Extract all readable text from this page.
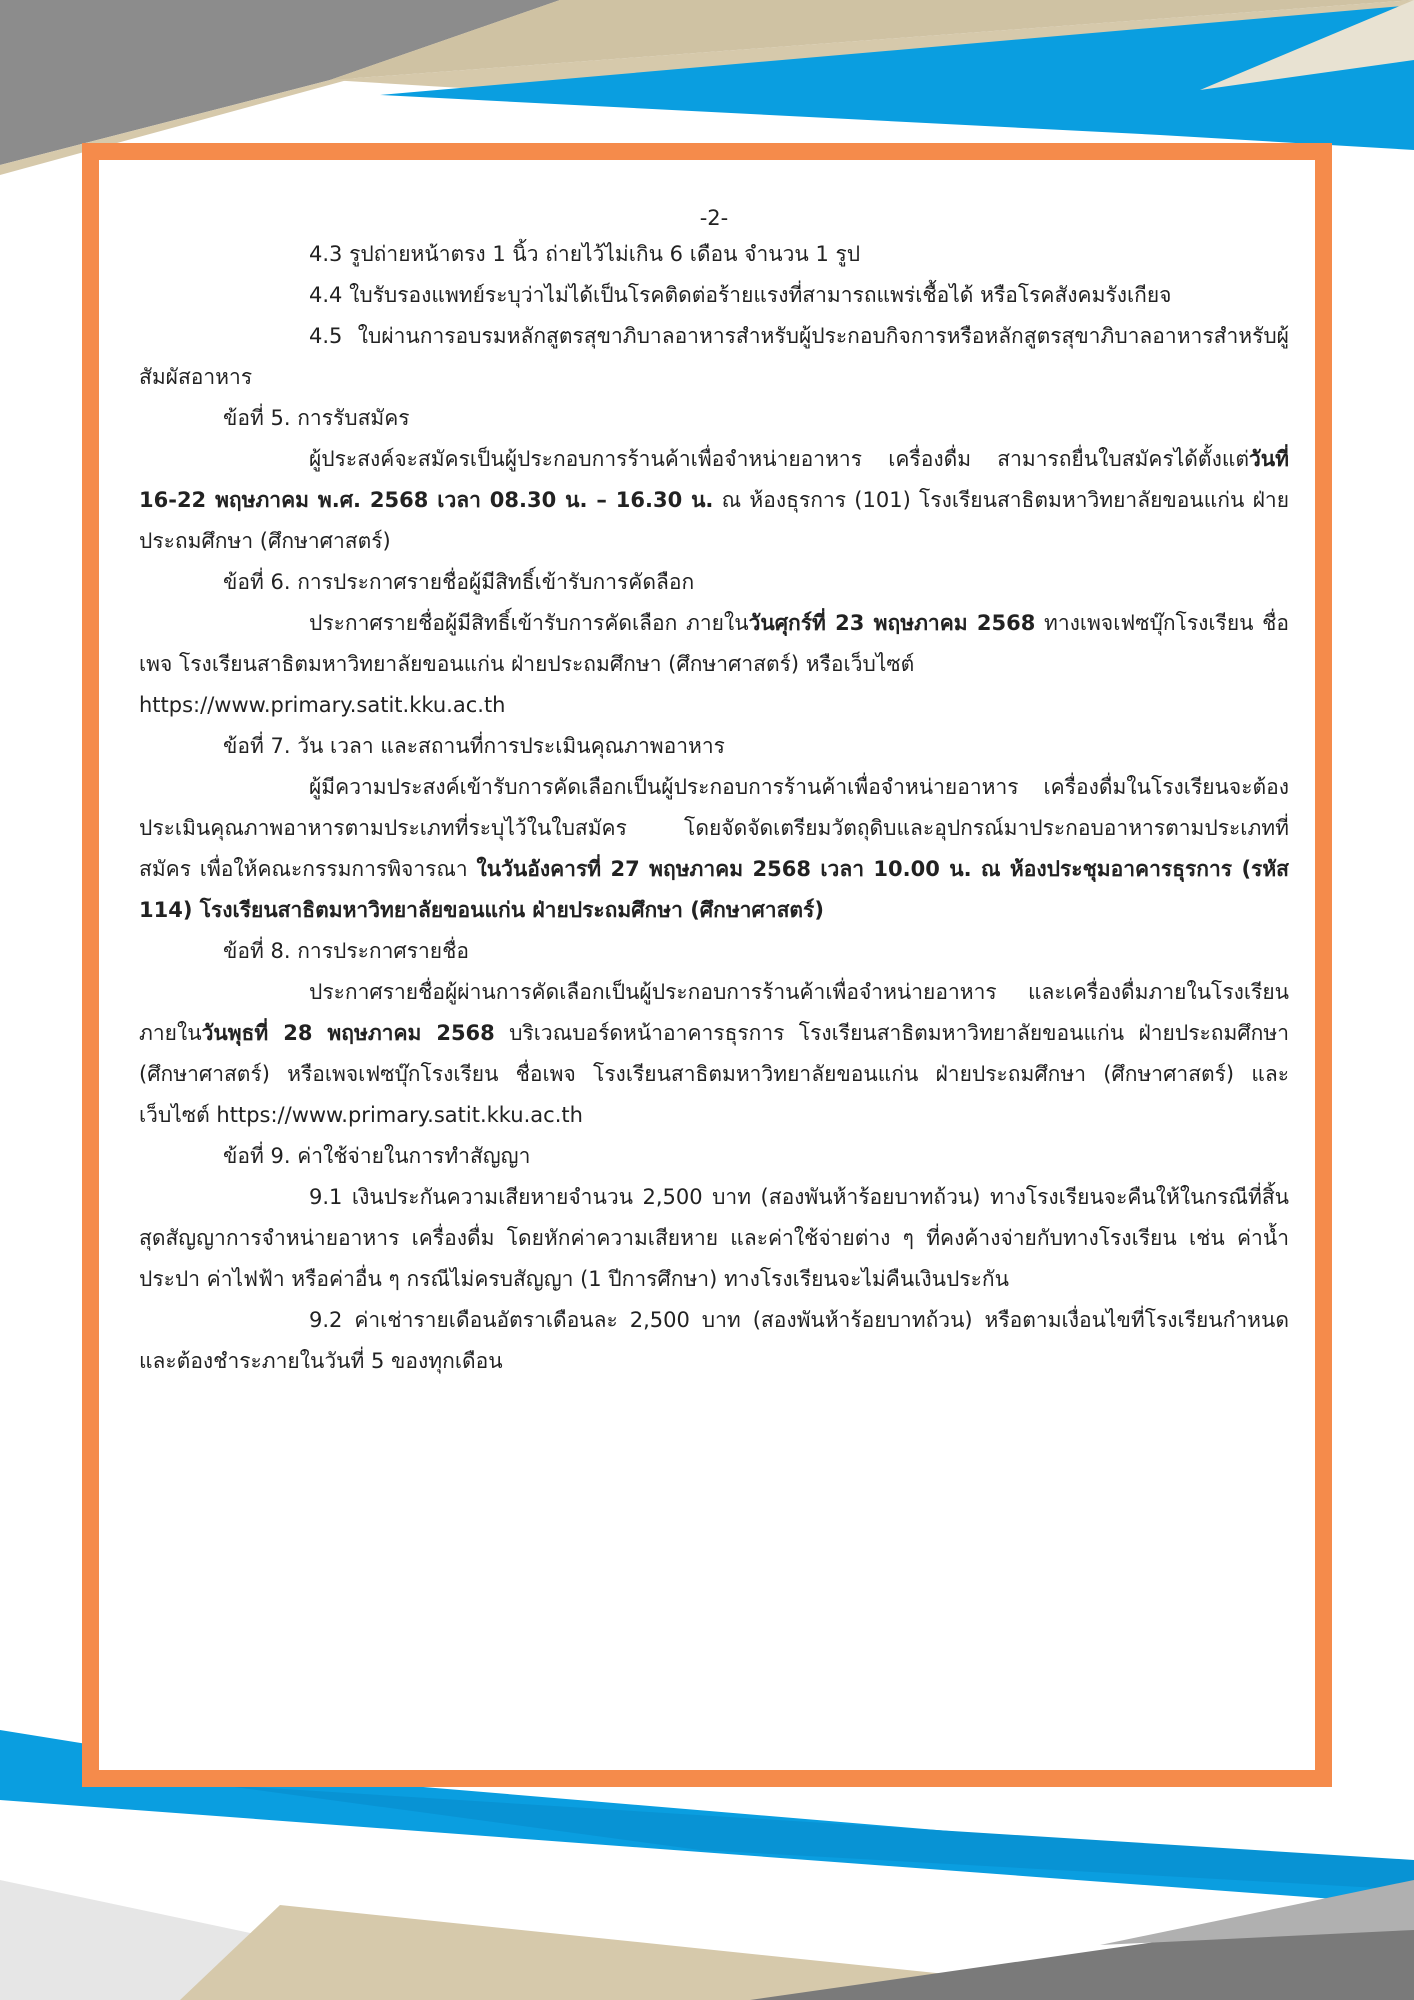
-2-

4.3 รูปถ่ายหน้าตรง 1 นิ้ว ถ่ายไว้ไม่เกิน 6 เดือน จำนวน 1 รูป

4.4 ใบรับรองแพทย์ระบุว่าไม่ได้เป็นโรคติดต่อร้ายแรงที่สามารถแพร่เชื้อได้ หรือโรคสังคมรังเกียจ

4.5 ใบผ่านการอบรมหลักสูตรสุขาภิบาลอาหารสำหรับผู้ประกอบกิจการหรือหลักสูตรสุขาภิบาลอาหารสำหรับผู้สัมผัสอาหาร

ข้อที่ 5. การรับสมัคร

ผู้ประสงค์จะสมัครเป็นผู้ประกอบการร้านค้าเพื่อจำหน่ายอาหาร เครื่องดื่ม สามารถยื่นใบสมัครได้ตั้งแต่วันที่ 16-22 พฤษภาคม พ.ศ. 2568 เวลา 08.30 น. – 16.30 น. ณ ห้องธุรการ (101) โรงเรียนสาธิตมหาวิทยาลัยขอนแก่น ฝ่ายประถมศึกษา (ศึกษาศาสตร์)

ข้อที่ 6. การประกาศรายชื่อผู้มีสิทธิ์เข้ารับการคัดลือก

ประกาศรายชื่อผู้มีสิทธิ์เข้ารับการคัดเลือก ภายในวันศุกร์ที่ 23 พฤษภาคม 2568 ทางเพจเฟซบุ๊กโรงเรียน ชื่อเพจ โรงเรียนสาธิตมหาวิทยาลัยขอนแก่น ฝ่ายประถมศึกษา (ศึกษาศาสตร์) หรือเว็บไซต์

https://www.primary.satit.kku.ac.th

ข้อที่ 7. วัน เวลา และสถานที่การประเมินคุณภาพอาหาร

ผู้มีความประสงค์เข้ารับการคัดเลือกเป็นผู้ประกอบการร้านค้าเพื่อจำหน่ายอาหาร เครื่องดื่มในโรงเรียนจะต้องประเมินคุณภาพอาหารตามประเภทที่ระบุไว้ในใบสมัคร โดยจัดจัดเตรียมวัตถุดิบและอุปกรณ์มาประกอบอาหารตามประเภทที่สมัคร เพื่อให้คณะกรรมการพิจารณา ในวันอังคารที่ 27 พฤษภาคม 2568 เวลา 10.00 น. ณ ห้องประชุมอาคารธุรการ (รหัส 114) โรงเรียนสาธิตมหาวิทยาลัยขอนแก่น ฝ่ายประถมศึกษา (ศึกษาศาสตร์)

ข้อที่ 8. การประกาศรายชื่อ

ประกาศรายชื่อผู้ผ่านการคัดเลือกเป็นผู้ประกอบการร้านค้าเพื่อจำหน่ายอาหาร และเครื่องดื่มภายในโรงเรียน ภายในวันพุธที่ 28 พฤษภาคม 2568 บริเวณบอร์ดหน้าอาคารธุรการ โรงเรียนสาธิตมหาวิทยาลัยขอนแก่น ฝ่ายประถมศึกษา (ศึกษาศาสตร์) หรือเพจเฟซบุ๊กโรงเรียน ชื่อเพจ โรงเรียนสาธิตมหาวิทยาลัยขอนแก่น ฝ่ายประถมศึกษา (ศึกษาศาสตร์) และเว็บไซต์ https://www.primary.satit.kku.ac.th

ข้อที่ 9. ค่าใช้จ่ายในการทำสัญญา

9.1 เงินประกันความเสียหายจำนวน 2,500 บาท (สองพันห้าร้อยบาทถ้วน) ทางโรงเรียนจะคืนให้ในกรณีที่สิ้นสุดสัญญาการจำหน่ายอาหาร เครื่องดื่ม โดยหักค่าความเสียหาย และค่าใช้จ่ายต่าง ๆ ที่คงค้างจ่ายกับทางโรงเรียน เช่น ค่าน้ำประปา ค่าไฟฟ้า หรือค่าอื่น ๆ กรณีไม่ครบสัญญา (1 ปีการศึกษา) ทางโรงเรียนจะไม่คืนเงินประกัน

9.2 ค่าเช่ารายเดือนอัตราเดือนละ 2,500 บาท (สองพันห้าร้อยบาทถ้วน) หรือตามเงื่อนไขที่โรงเรียนกำหนด และต้องชำระภายในวันที่ 5 ของทุกเดือน
